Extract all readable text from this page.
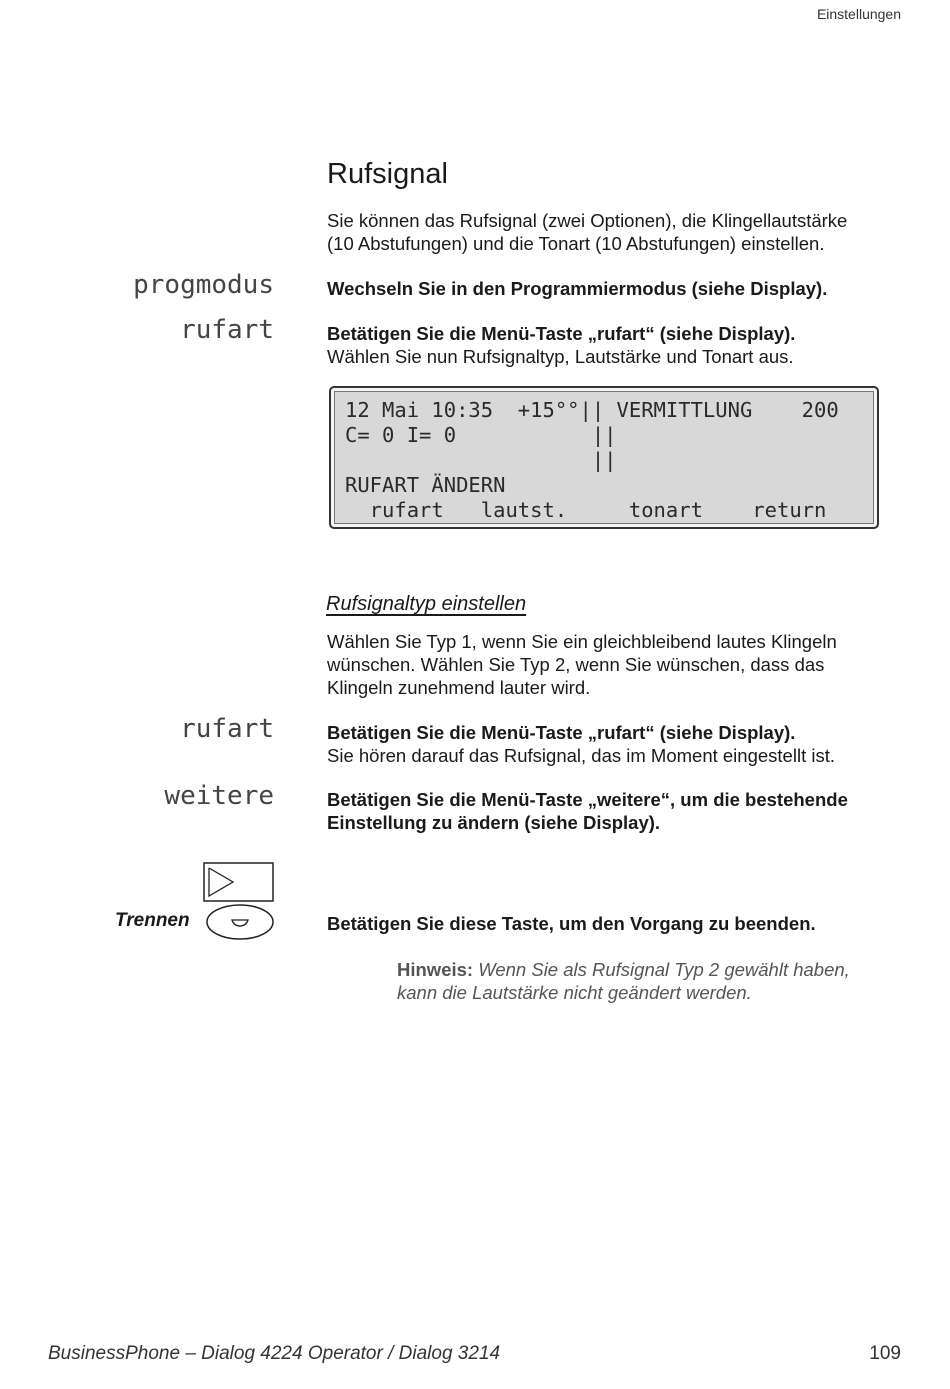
Einstellungen
Rufsignal
Sie können das Rufsignal (zwei Optionen), die Klingellautstärke
(10 Abstufungen) und die Tonart (10 Abstufungen) einstellen.
progmodus	Wechseln Sie in den Programmiermodus (siehe Display).
rufart	Betätigen Sie die Menü-Taste „rufart“ (siehe Display).
Wählen Sie nun Rufsignaltyp, Lautstärke und Tonart aus.
12 Mai 10:35  +15°°|| VERMITTLUNG    200
C= 0 I= 0           ||
||
RUFART ÄNDERN
rufart   lautst.     tonart    return
Rufsignaltyp einstellen
Wählen Sie Typ 1, wenn Sie ein gleichbleibend lautes Klingeln
wünschen. Wählen Sie Typ 2, wenn Sie wünschen, dass das
Klingeln zunehmend lauter wird.
rufart	Betätigen Sie die Menü-Taste „rufart“ (siehe Display).
Sie hören darauf das Rufsignal, das im Moment eingestellt ist.
weitere	Betätigen Sie die Menü-Taste „weitere“, um die bestehende
Einstellung zu ändern (siehe Display).
Trennen	Betätigen Sie diese Taste, um den Vorgang zu beenden.
Hinweis: Wenn Sie als Rufsignal Typ 2 gewählt haben,
kann die Lautstärke nicht geändert werden.
BusinessPhone – Dialog 4224 Operator / Dialog 3214	109
